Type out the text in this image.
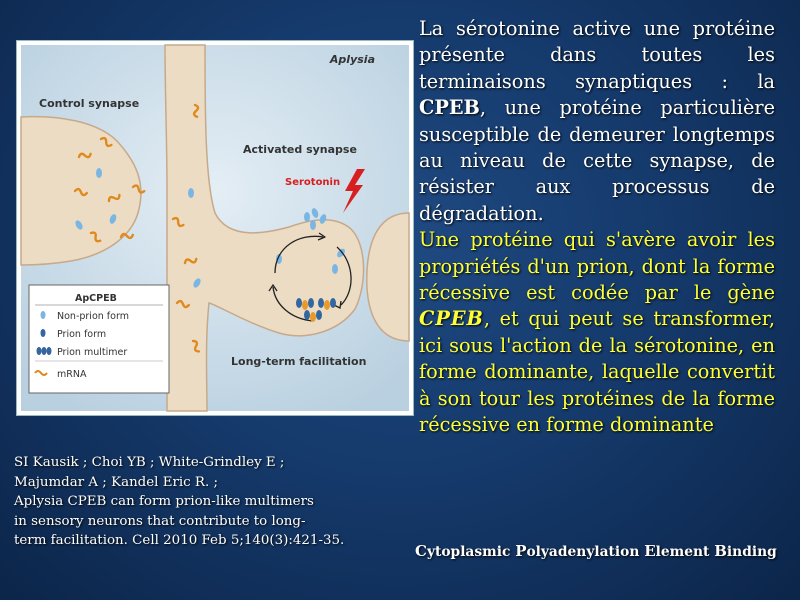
Aplysia
Control synapse
Activated synapse
Serotonin
Long-term facilitation
ApCPEB
Non-prion form
Prion form
Prion multimer
mRNA

La sérotonine active une protéine présente dans toutes les terminaisons synaptiques : la CPEB, une protéine particulière susceptible de demeurer longtemps au niveau de cette synapse, de résister aux processus de dégradation.

Une protéine qui s'avère avoir les propriétés d'un prion, dont la forme récessive est codée par le gène CPEB, et qui peut se transformer, ici sous l'action de la sérotonine, en forme dominante, laquelle convertit à son tour les protéines de la forme récessive en forme dominante

SI Kausik ; Choi YB ; White-Grindley E ;
Majumdar A ; Kandel Eric R. ;
Aplysia CPEB can form prion-like multimers
in sensory neurons that contribute to long-
term facilitation. Cell 2010 Feb 5;140(3):421-35.
Cytoplasmic Polyadenylation Element Binding
